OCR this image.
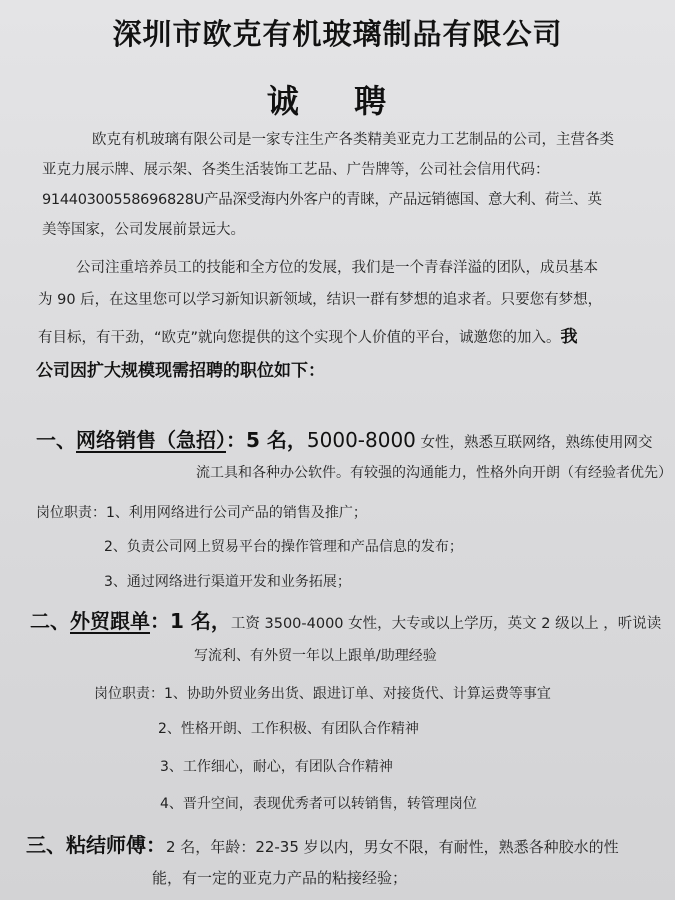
深圳市欧克有机玻璃制品有限公司
诚 聘
欧克有机玻璃有限公司是一家专注生产各类精美亚克力工艺制品的公司，主营各类
亚克力展示牌、展示架、各类生活装饰工艺品、广告牌等，公司社会信用代码：
91440300558696828U产品深受海内外客户的青睐，产品远销德国、意大利、荷兰、英
美等国家，公司发展前景远大。
公司注重培养员工的技能和全方位的发展，我们是一个青春洋溢的团队，成员基本
为 90 后，在这里您可以学习新知识新领域，结识一群有梦想的追求者。只要您有梦想，
有目标，有干劲，“欧克”就向您提供的这个实现个人价值的平台，诚邀您的加入。我
公司因扩大规模现需招聘的职位如下：
一、网络销售（急招）：5 名，5000-8000 女性，熟悉互联网络，熟练使用网交
流工具和各种办公软件。有较强的沟通能力，性格外向开朗（有经验者优先）
岗位职责：1、利用网络进行公司产品的销售及推广；
2、负责公司网上贸易平台的操作管理和产品信息的发布；
3、通过网络进行渠道开发和业务拓展；
二、外贸跟单：1 名，工资 3500-4000 女性，大专或以上学历，英文 2 级以上 ，听说读
写流利、有外贸一年以上跟单/助理经验
岗位职责：1、协助外贸业务出货、跟进订单、对接货代、计算运费等事宜
2、性格开朗、工作积极、有团队合作精神
3、工作细心，耐心，有团队合作精神
4、晋升空间，表现优秀者可以转销售，转管理岗位
三、粘结师傅：2 名，年龄：22-35 岁以内，男女不限，有耐性，熟悉各种胶水的性
能，有一定的亚克力产品的粘接经验；
